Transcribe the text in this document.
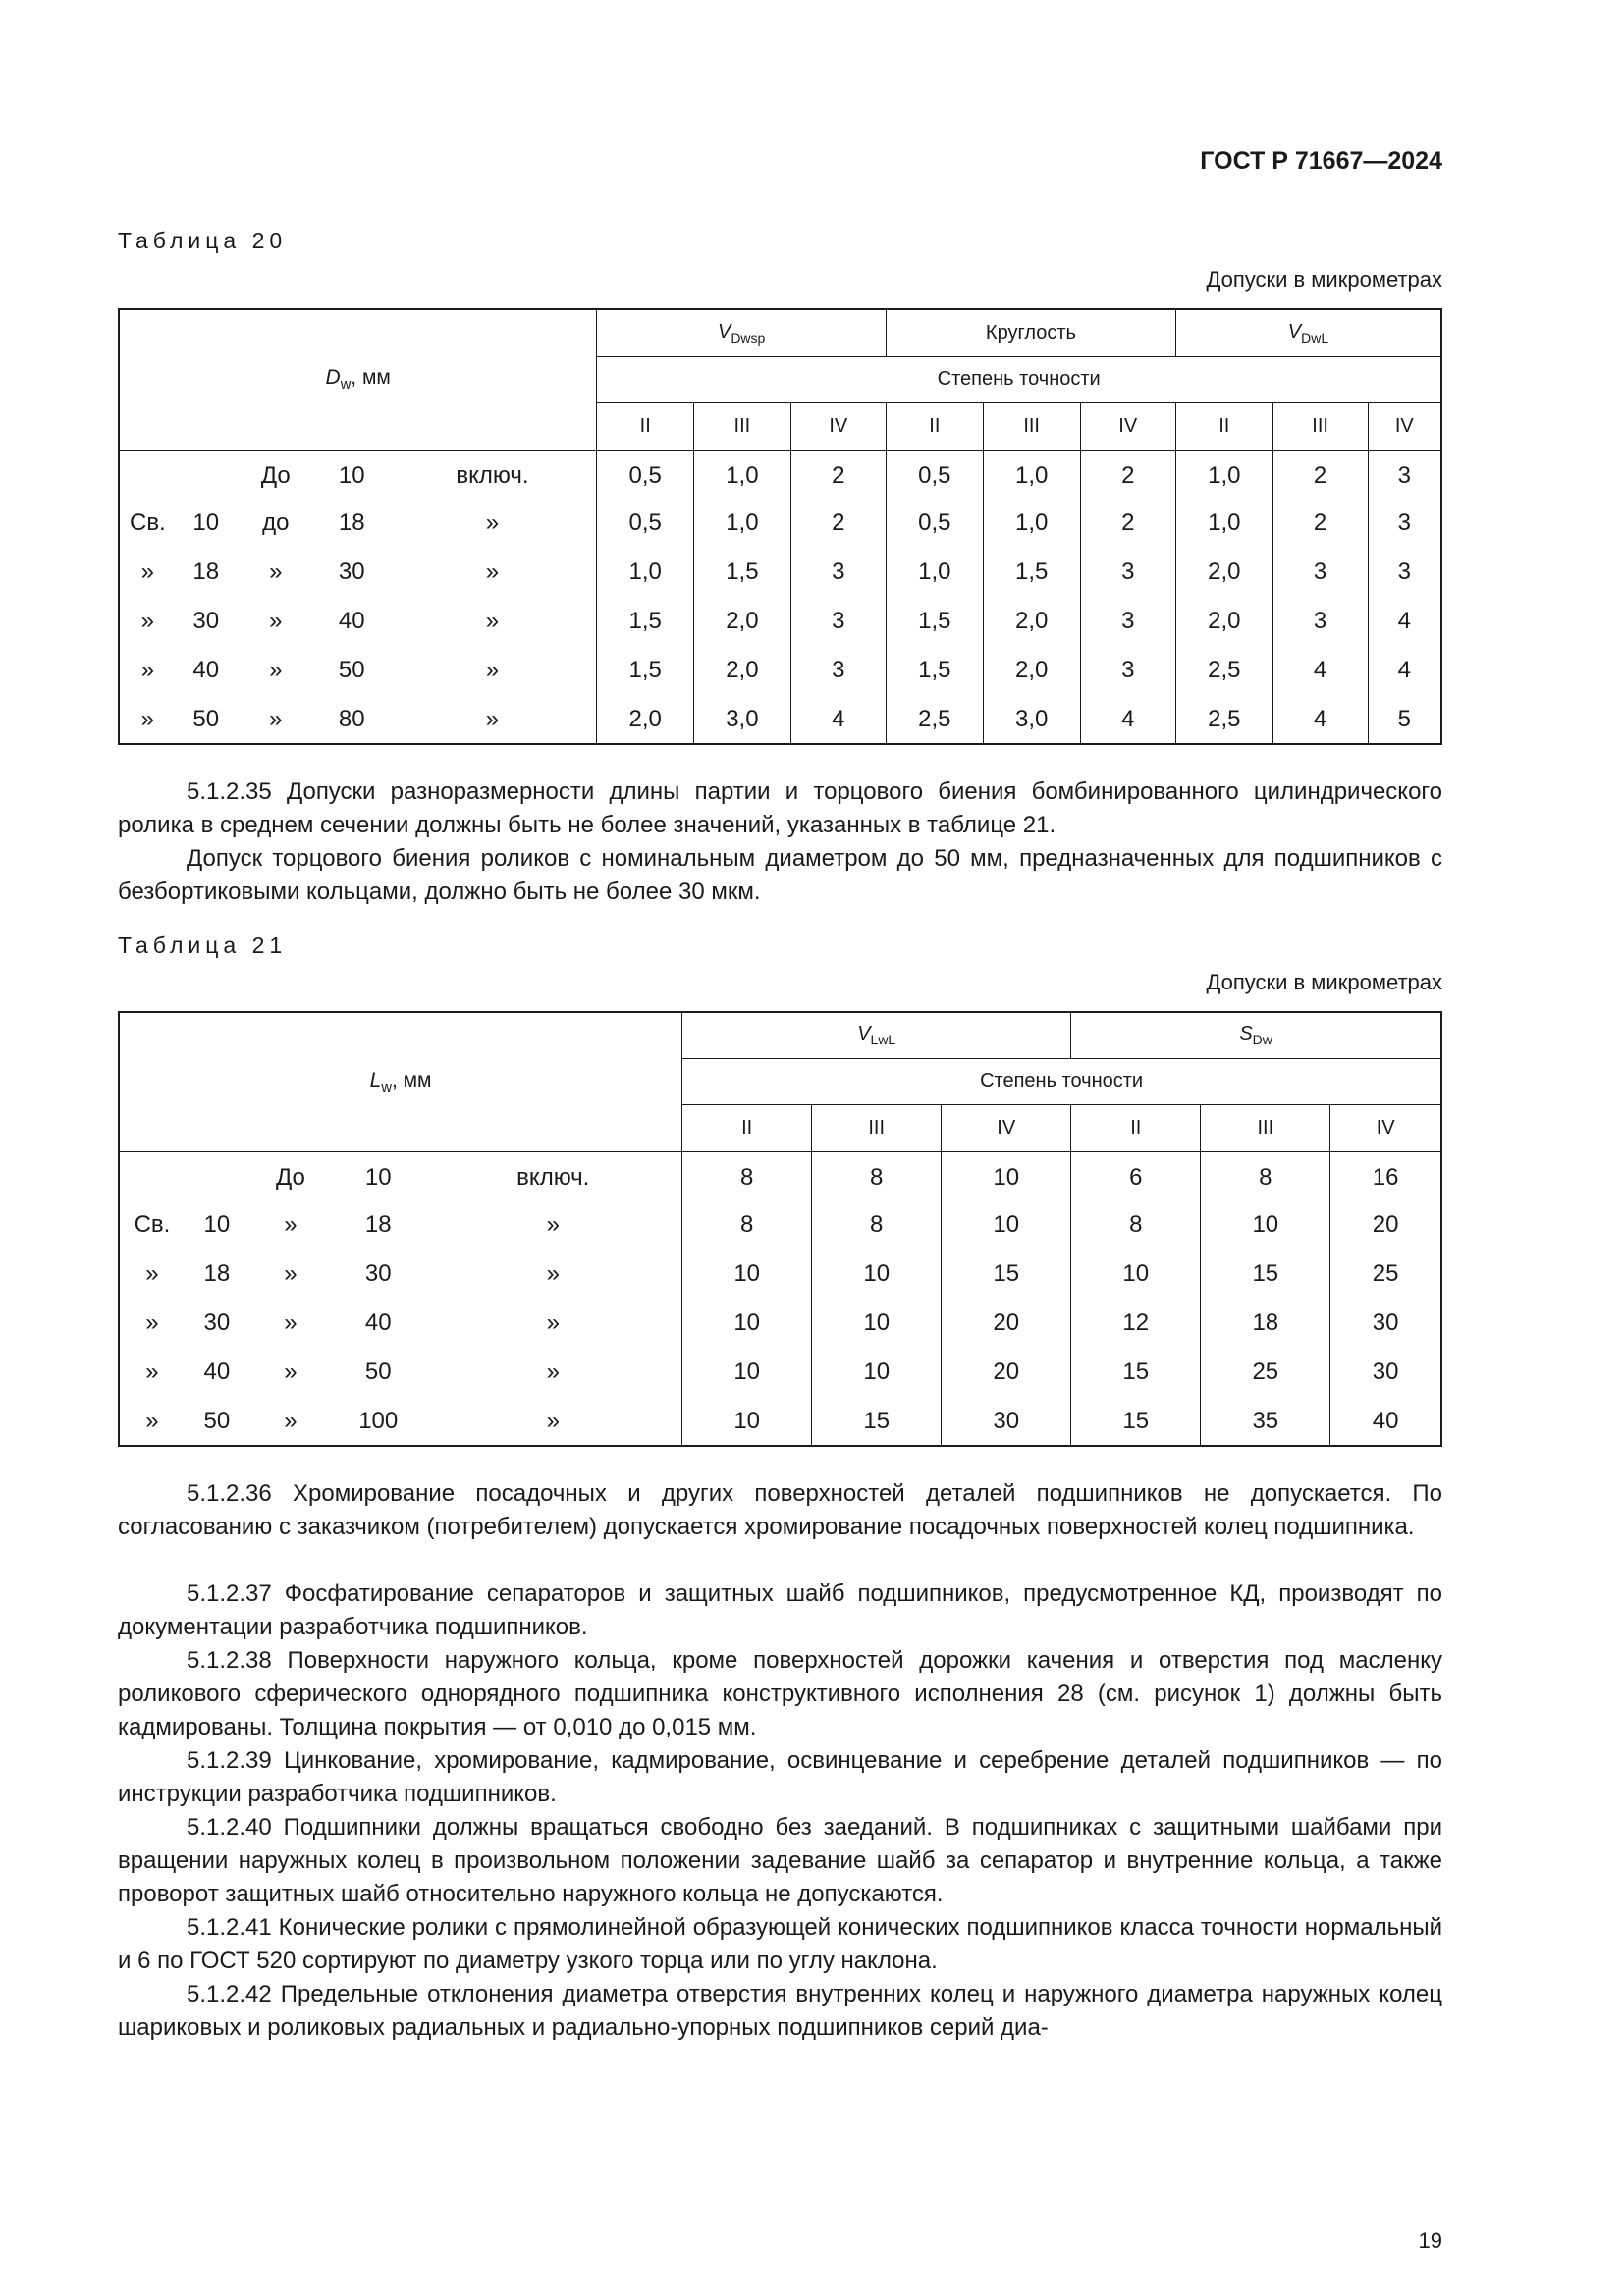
ГОСТ Р 71667—2024
Таблица 20
Допуски в микрометрах
$D_w$, мм					$V_{Dwsp}$			Круглость			$V_{DwL}$
					Степень точности								
					II	III	IV	II	III	IV	II	III	IV
		До	10	включ.	0,5	1,0	2	0,5	1,0	2	1,0	2	3
Св.	10	до	18	»	0,5	1,0	2	0,5	1,0	2	1,0	2	3
»	18	»	30	»	1,0	1,5	3	1,0	1,5	3	2,0	3	3
»	30	»	40	»	1,5	2,0	3	1,5	2,0	3	2,0	3	4
»	40	»	50	»	1,5	2,0	3	1,5	2,0	3	2,5	4	4
»	50	»	80	»	2,0	3,0	4	2,5	3,0	4	2,5	4	5

5.1.2.35 Допуски разноразмерности длины партии и торцового биения бомбинированного цилиндрического ролика в среднем сечении должны быть не более значений, указанных в таблице 21.

Допуск торцового биения роликов с номинальным диаметром до 50 мм, предназначенных для подшипников с безбортиковыми кольцами, должно быть не более 30 мкм.

Таблица 21
Допуски в микрометрах
$L_w$, мм					$V_{LwL}$			$S_{Dw}$
					Степень точности					
					II	III	IV	II	III	IV
		До	10	включ.	8	8	10	6	8	16
Св.	10	»	18	»	8	8	10	8	10	20
»	18	»	30	»	10	10	15	10	15	25
»	30	»	40	»	10	10	20	12	18	30
»	40	»	50	»	10	10	20	15	25	30
»	50	»	100	»	10	15	30	15	35	40

5.1.2.36 Хромирование посадочных и других поверхностей деталей подшипников не допускается. По согласованию с заказчиком (потребителем) допускается хромирование посадочных поверхностей колец подшипника.

5.1.2.37 Фосфатирование сепараторов и защитных шайб подшипников, предусмотренное КД, производят по документации разработчика подшипников.

5.1.2.38 Поверхности наружного кольца, кроме поверхностей дорожки качения и отверстия под масленку роликового сферического однорядного подшипника конструктивного исполнения 28 (см. рисунок 1) должны быть кадмированы. Толщина покрытия — от 0,010 до 0,015 мм.

5.1.2.39 Цинкование, хромирование, кадмирование, освинцевание и серебрение деталей подшипников — по инструкции разработчика подшипников.

5.1.2.40 Подшипники должны вращаться свободно без заеданий. В подшипниках с защитными шайбами при вращении наружных колец в произвольном положении задевание шайб за сепаратор и внутренние кольца, а также проворот защитных шайб относительно наружного кольца не допускаются.

5.1.2.41 Конические ролики с прямолинейной образующей конических подшипников класса точности нормальный и 6 по ГОСТ 520 сортируют по диаметру узкого торца или по углу наклона.

5.1.2.42 Предельные отклонения диаметра отверстия внутренних колец и наружного диаметра наружных колец шариковых и роликовых радиальных и радиально-упорных подшипников серий диа-

19
